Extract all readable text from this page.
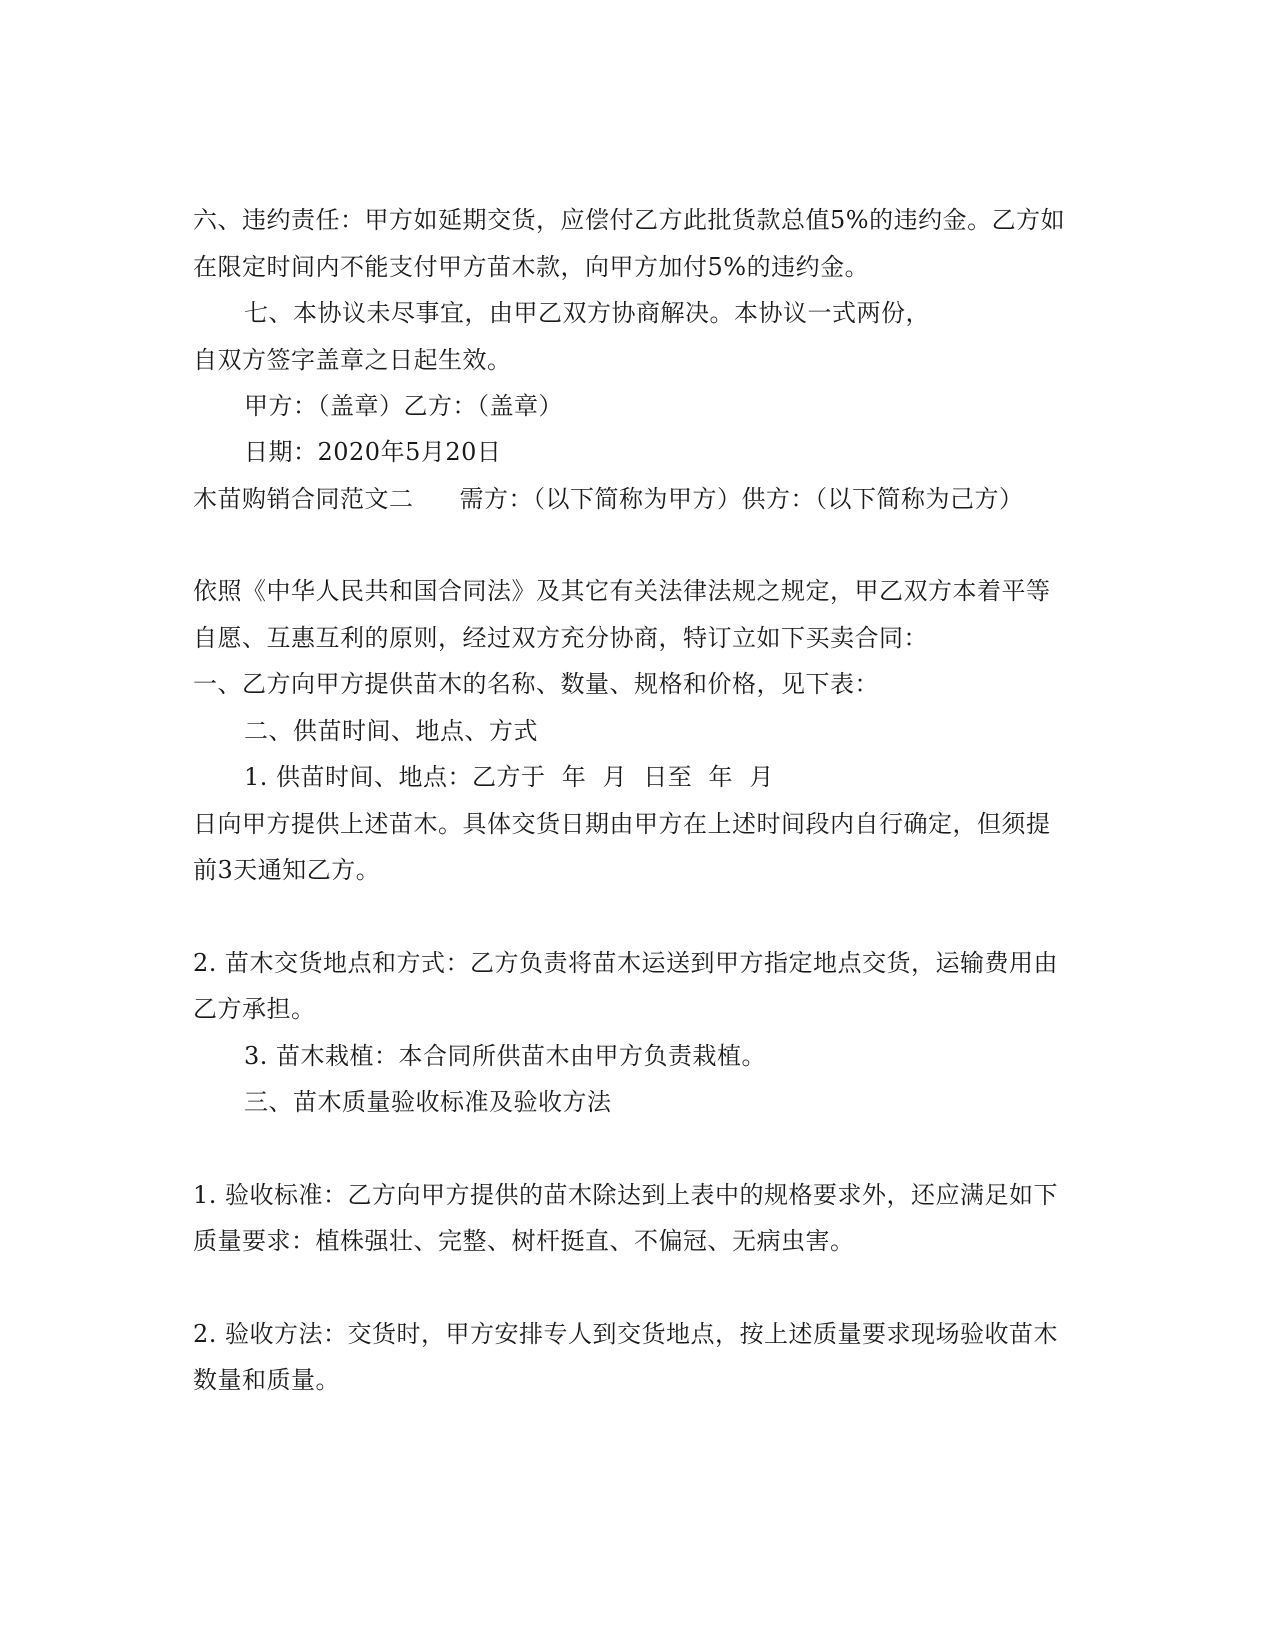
六、违约责任：甲方如延期交货，应偿付乙方此批货款总值5%的违约金。乙方如
在限定时间内不能支付甲方苗木款，向甲方加付5%的违约金。
七、本协议未尽事宜，由甲乙双方协商解决。本协议一式两份，
自双方签字盖章之日起生效。
甲方：（盖章）乙方：（盖章）
日期：2020年5月20日
木苗购销合同范文二 需方：（以下简称为甲方）供方：（以下简称为己方）
依照《中华人民共和国合同法》及其它有关法律法规之规定，甲乙双方本着平等
自愿、互惠互利的原则，经过双方充分协商，特订立如下买卖合同：
一、乙方向甲方提供苗木的名称、数量、规格和价格，见下表：
二、供苗时间、地点、方式
1. 供苗时间、地点：乙方于  年  月  日至  年  月
日向甲方提供上述苗木。具体交货日期由甲方在上述时间段内自行确定，但须提
前3天通知乙方。
2. 苗木交货地点和方式：乙方负责将苗木运送到甲方指定地点交货，运输费用由
乙方承担。
3. 苗木栽植：本合同所供苗木由甲方负责栽植。
三、苗木质量验收标准及验收方法
1. 验收标准：乙方向甲方提供的苗木除达到上表中的规格要求外，还应满足如下
质量要求：植株强壮、完整、树杆挺直、不偏冠、无病虫害。
2. 验收方法：交货时，甲方安排专人到交货地点，按上述质量要求现场验收苗木
数量和质量。
